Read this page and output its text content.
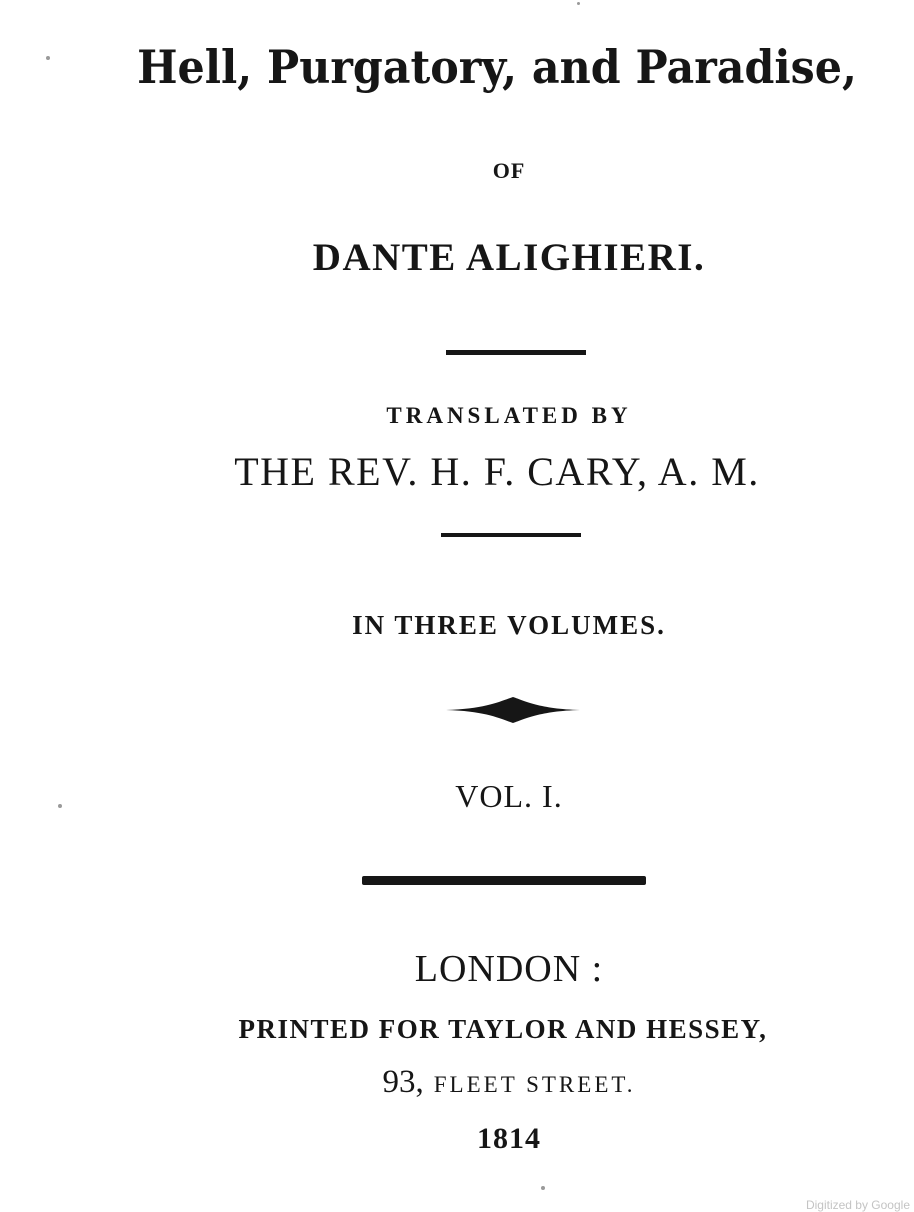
Hell, Purgatory, and Paradise,
OF
DANTE ALIGHIERI.
TRANSLATED BY
THE REV. H. F. CARY, A. M.
IN THREE VOLUMES.
VOL. I.
LONDON :
PRINTED FOR TAYLOR AND HESSEY,
93, FLEET STREET.
1814
Digitized by Google
